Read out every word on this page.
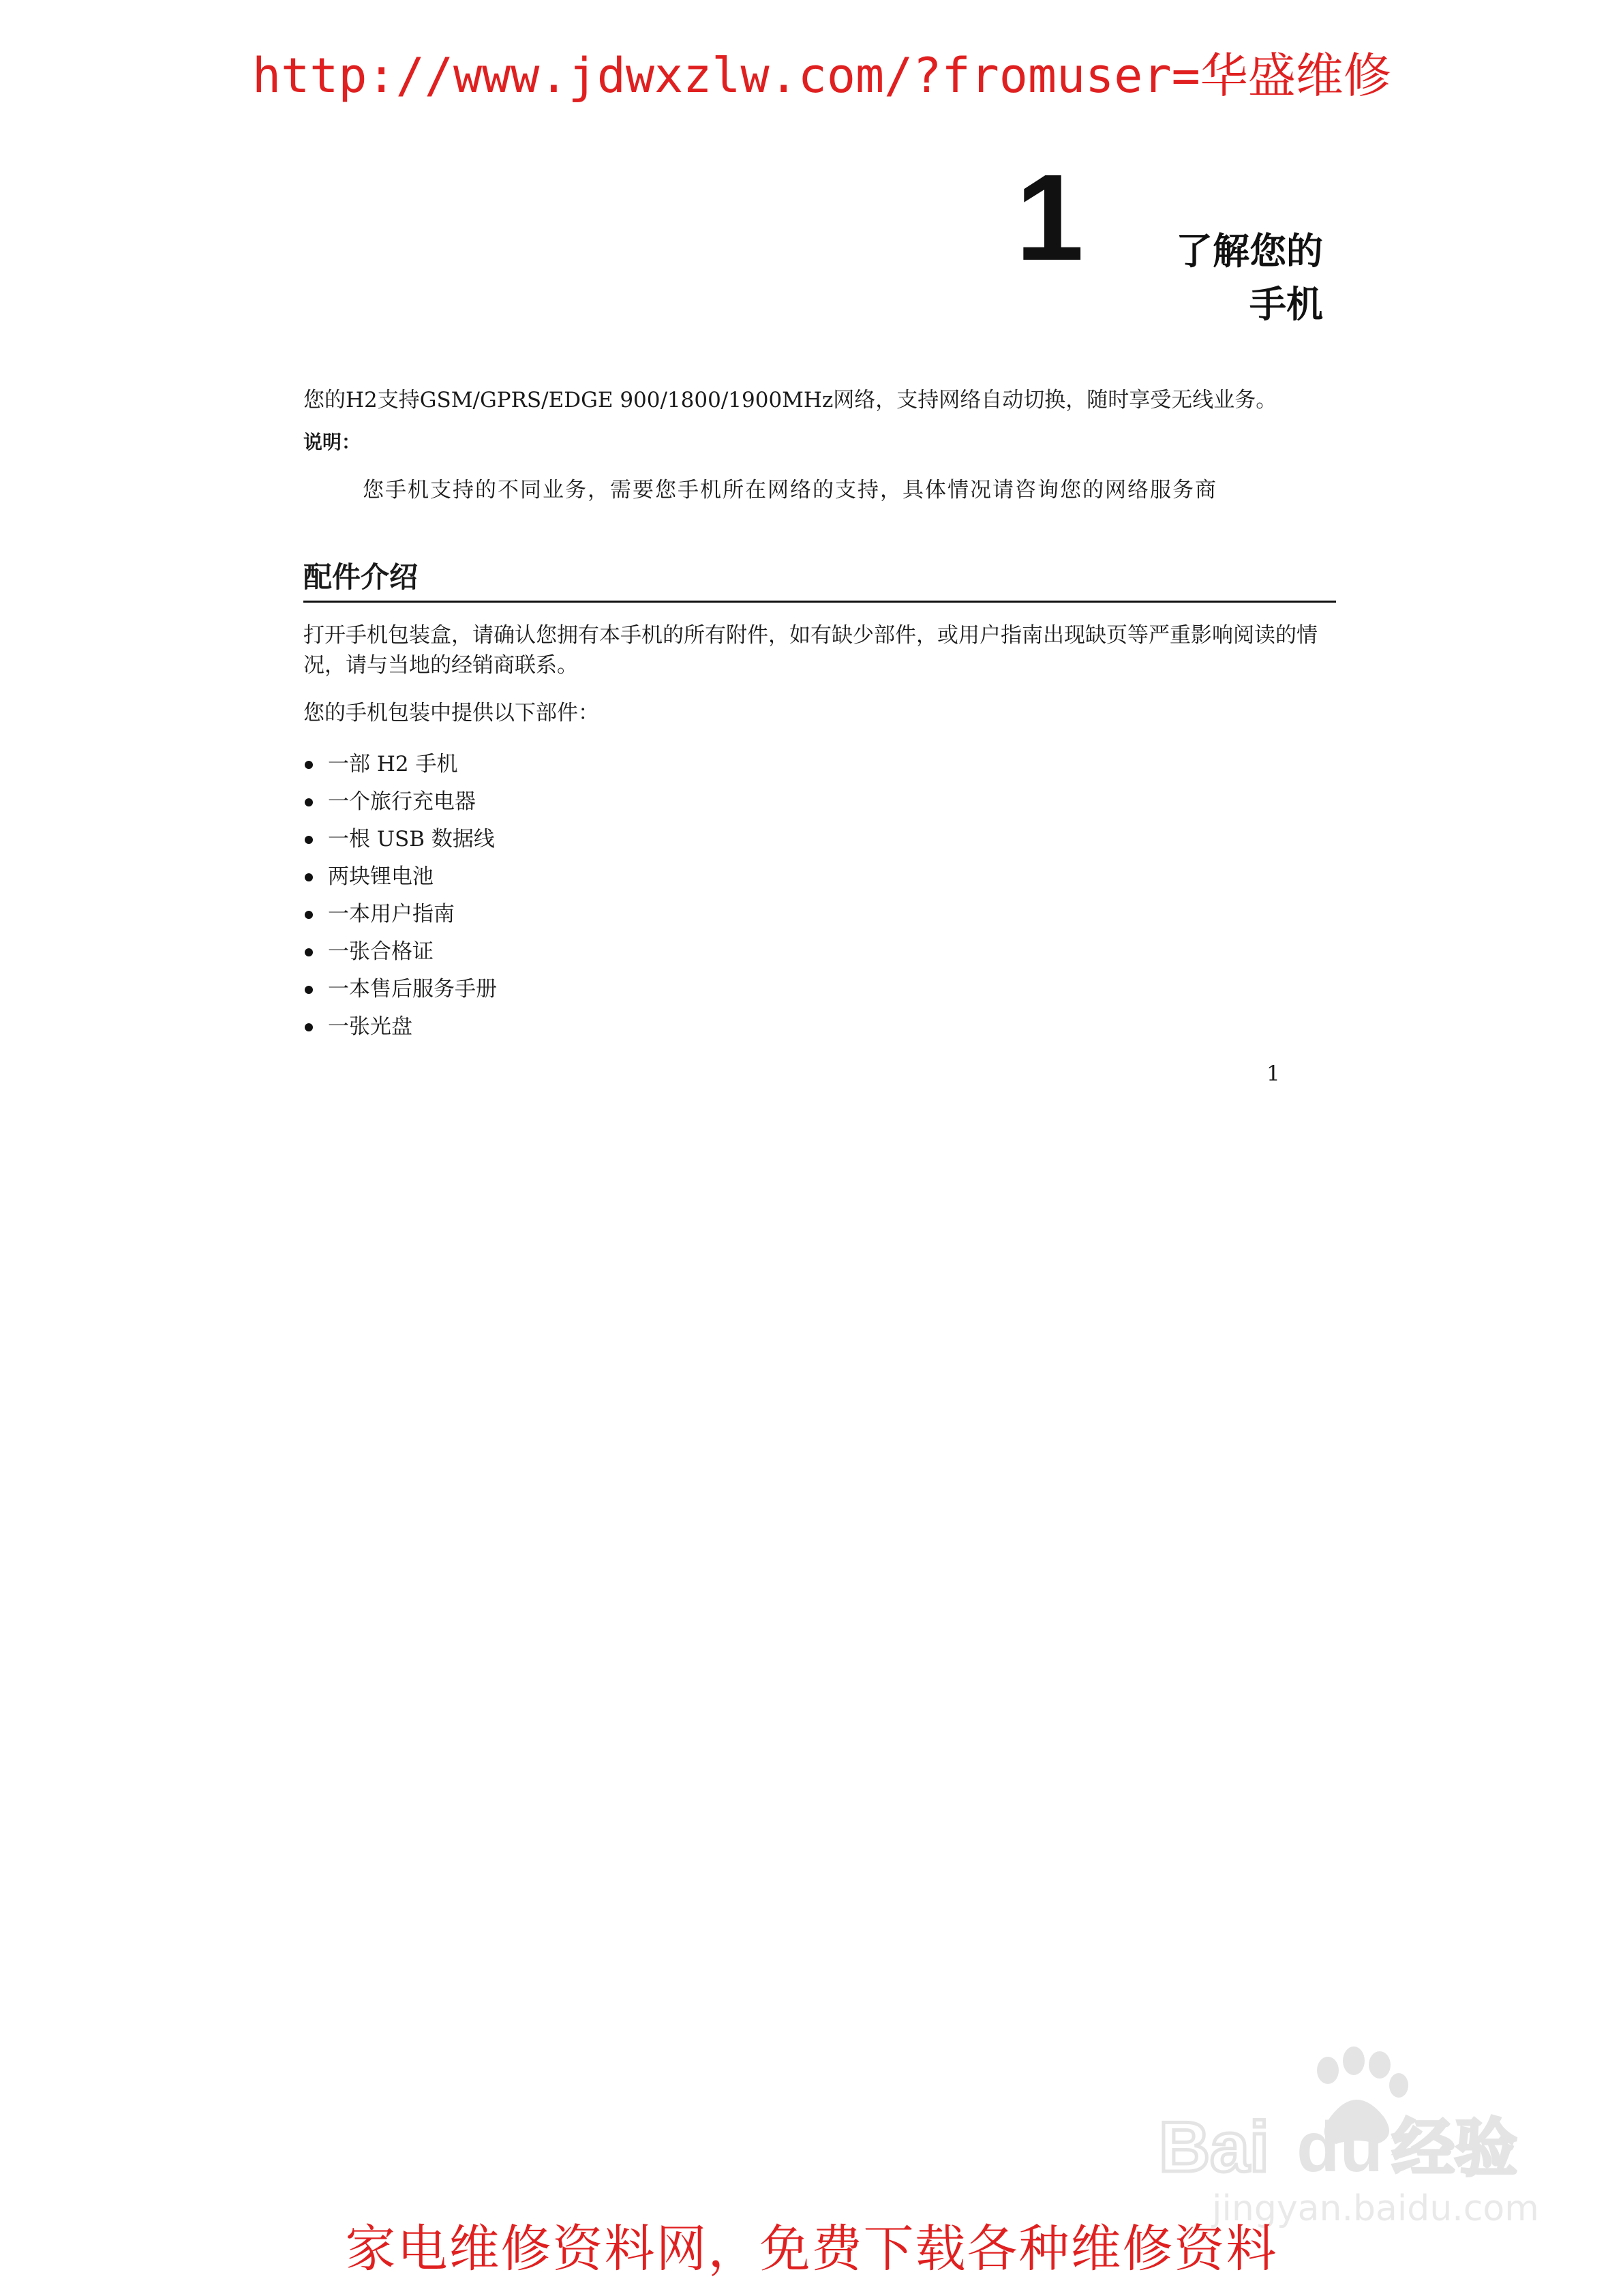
http://www.jdwxzlw.com/?fromuser=华盛维修
1	了解您的
手机

您的H2支持GSM/GPRS/EDGE 900/1800/1900MHz网络，支持网络自动切换，随时享受无线业务。

说明：

您手机支持的不同业务，需要您手机所在网络的支持，具体情况请咨询您的网络服务商

配件介绍

打开手机包装盒，请确认您拥有本手机的所有附件，如有缺少部件，或用户指南出现缺页等严重影响阅读的情况，请与当地的经销商联系。

您的手机包装中提供以下部件：

一部 H2 手机
一个旅行充电器
一根 USB 数据线
两块锂电池
一本用户指南
一张合格证
一本售后服务手册
一张光盘
1
Bai du 经验
jingyan.baidu.com
家电维修资料网，免费下载各种维修资料
